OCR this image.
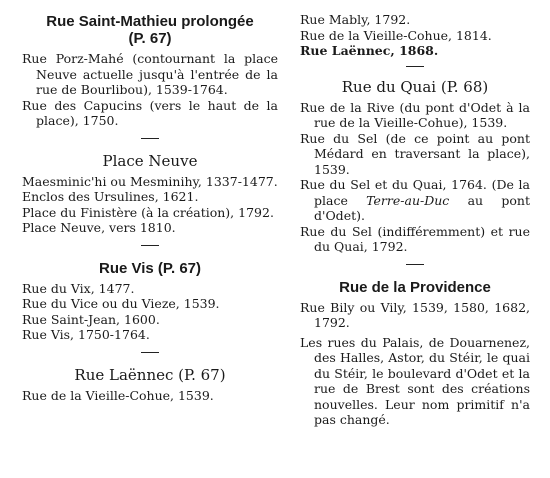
Rue Saint-Mathieu prolongée

(P. 67)

Rue Porz-Mahé (contournant la place Neuve actuelle jusqu'à l'entrée de la rue de Bourlibou), 1539-1764.

Rue des Capucins (vers le haut de la place), 1750.

Place Neuve

Maesminic'hi ou Mesminihy, 1337-1477.

Enclos des Ursulines, 1621.

Place du Finistère (à la création), 1792.

Place Neuve, vers 1810.

Rue Vis (P. 67)

Rue du Vix, 1477.

Rue du Vice ou du Vieze, 1539.

Rue Saint-Jean, 1600.

Rue Vis, 1750-1764.

Rue Laënnec (P. 67)

Rue de la Vieille-Cohue, 1539.

Rue Mably, 1792.

Rue de la Vieille-Cohue, 1814.

Rue Laënnec, 1868.

Rue du Quai (P. 68)

Rue de la Rive (du pont d'Odet à la rue de la Vieille-Cohue), 1539.

Rue du Sel (de ce point au pont Médard en traversant la place), 1539.

Rue du Sel et du Quai, 1764. (De la place Terre-au-Duc au pont d'Odet).

Rue du Sel (indifféremment) et rue du Quai, 1792.

Rue de la Providence

Rue Bily ou Vily, 1539, 1580, 1682, 1792.

Les rues du Palais, de Douarnenez, des Halles, Astor, du Stéir, le quai du Stéir, le boulevard d'Odet et la rue de Brest sont des créations nouvelles. Leur nom primitif n'a pas changé.
